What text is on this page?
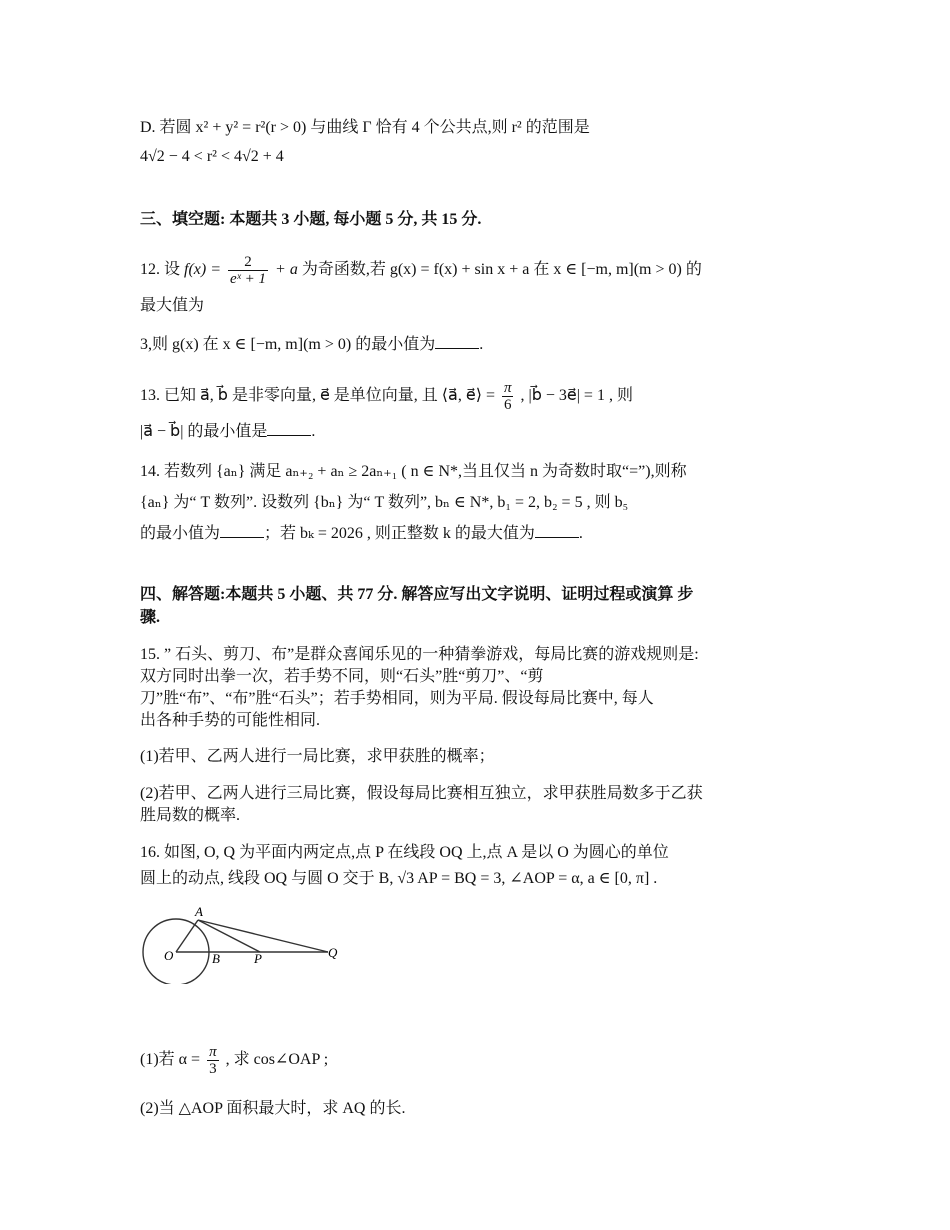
D. 若圆 x² + y² = r²(r > 0) 与曲线 Γ 恰有 4 个公共点,则 r² 的范围是
4√2 − 4 < r² < 4√2 + 4
三、填空题: 本题共 3 小题, 每小题 5 分, 共 15 分.
12. 设 $f(x) = \frac{2}{\text{eˣ + 1}} + a$ 为奇函数,若 g(x) = f(x) + sin x + a 在 x ∈ [−m, m](m > 0) 的
最大值为
3,则 g(x) 在 x ∈ [−m, m](m > 0) 的最小值为	.
13. 已知 a⃗, b⃗ 是非零向量, e⃗ 是单位向量, 且 ⟨a⃗, e⃗⟩ = $\frac{\pi}{6}$ , |b⃗ − 3e⃗| = 1 , 则
|a⃗ − b⃗| 的最小值是	.
14. 若数列 {aₙ} 满足 aₙ₊₂ + aₙ ≥ 2aₙ₊₁ ( n ∈ N*,当且仅当 n 为奇数时取“=”),则称
{aₙ} 为“ T 数列”. 设数列 {bₙ} 为“ T 数列”, bₙ ∈ N*, b₁ = 2, b₂ = 5 , 则 b₅
的最小值为	；若 bₖ = 2026 , 则正整数 k 的最大值为	.
四、解答题:本题共 5 小题、共 77 分. 解答应写出文字说明、证明过程或演算 步
骤.
15. ” 石头、剪刀、布”是群众喜闻乐见的一种猜拳游戏，每局比赛的游戏规则是:
双方同时出拳一次，若手势不同，则“石头”胜“剪刀”、“剪
刀”胜“布”、“布”胜“石头”；若手势相同，则为平局. 假设每局比赛中, 每人
出各种手势的可能性相同.
(1)若甲、乙两人进行一局比赛，求甲获胜的概率；
(2)若甲、乙两人进行三局比赛，假设每局比赛相互独立，求甲获胜局数多于乙获
胜局数的概率.
16. 如图, O, Q 为平面内两定点,点 P 在线段 OQ 上,点 A 是以 O 为圆心的单位
圆上的动点, 线段 OQ 与圆 O 交于 B, √3 AP = BQ = 3, ∠AOP = α, a ∈ [0, π] .
A
O	B	P	Q
(1)若 $\alpha = \frac{\pi}{3}$ , 求 cos∠OAP ;
(2)当 △AOP 面积最大时，求 AQ 的长.
